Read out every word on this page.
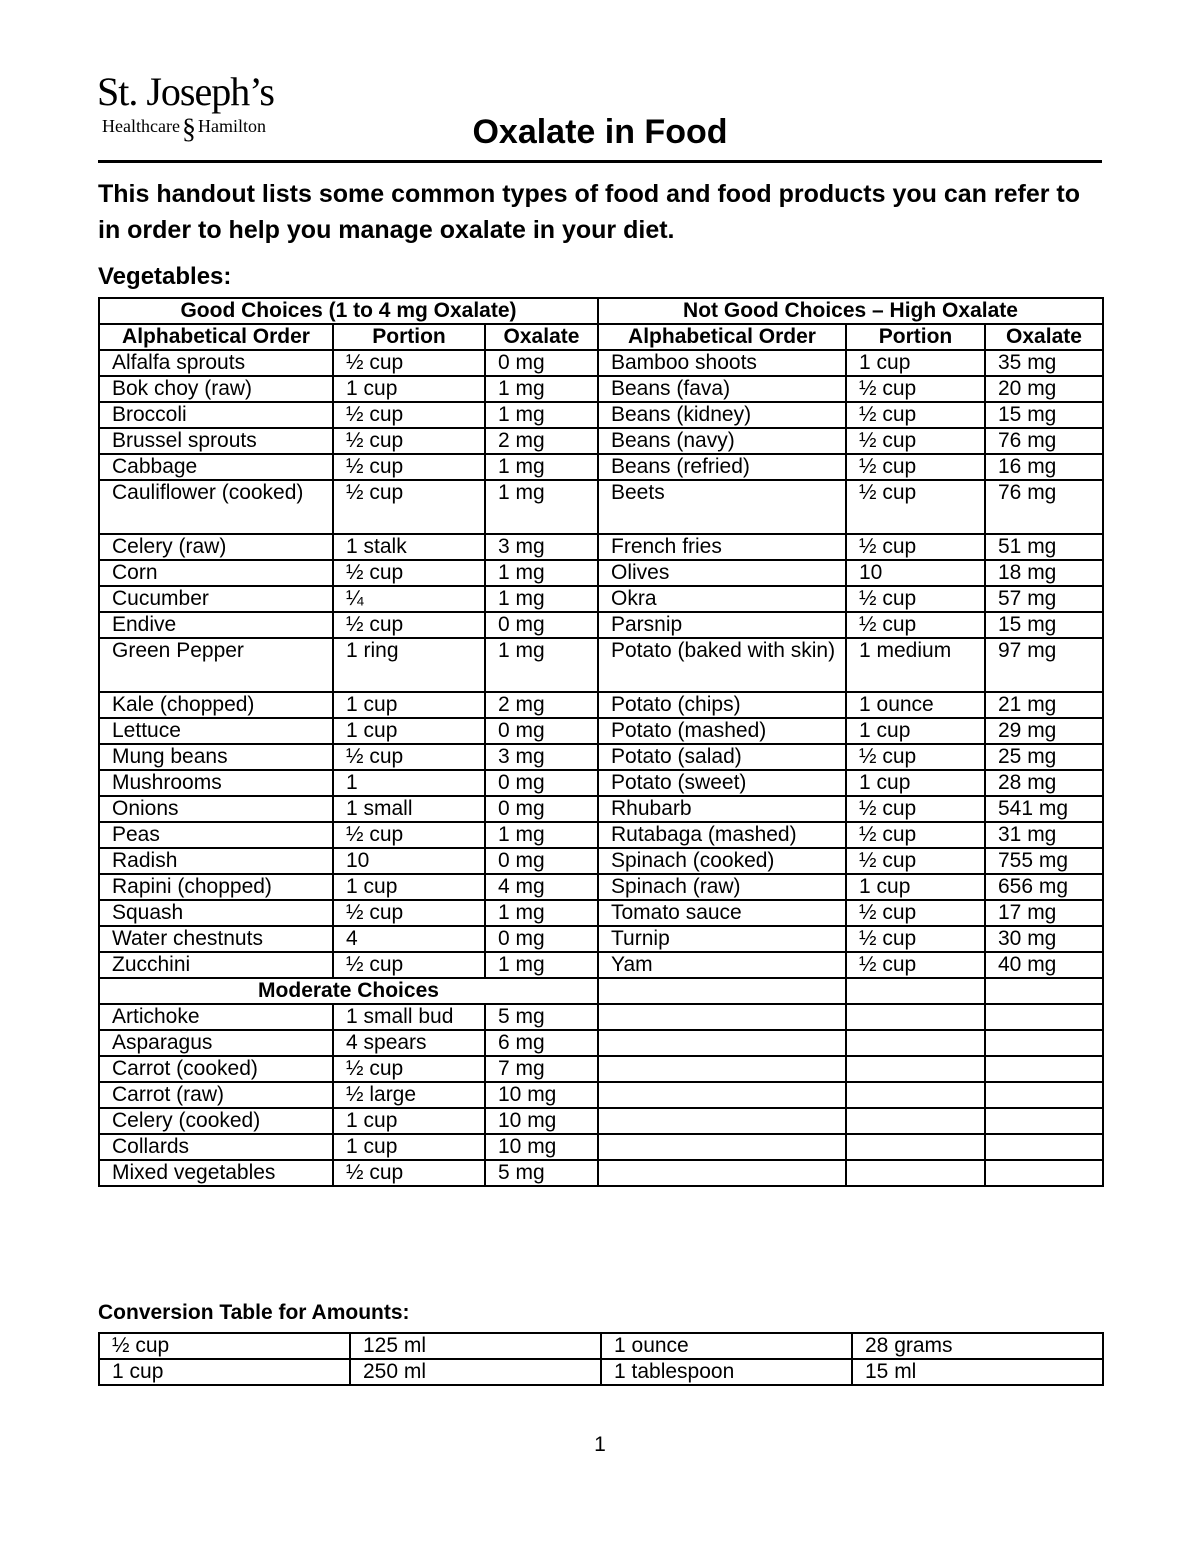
St. Joseph’s
Healthcare§ Hamilton	Oxalate in Food
This handout lists some common types of food and food products you can refer to in order to help you manage oxalate in your diet.
Vegetables:
Good Choices (1 to 4 mg Oxalate)			Not Good Choices – High Oxalate		
Alphabetical Order	Portion	Oxalate	Alphabetical Order	Portion	Oxalate
Alfalfa sprouts	½ cup	0 mg	Bamboo shoots	1 cup	35 mg
Bok choy (raw)	1 cup	1 mg	Beans (fava)	½ cup	20 mg
Broccoli	½ cup	1 mg	Beans (kidney)	½ cup	15 mg
Brussel sprouts	½ cup	2 mg	Beans (navy)	½ cup	76 mg
Cabbage	½ cup	1 mg	Beans (refried)	½ cup	16 mg
Cauliflower (cooked)	½ cup	1 mg	Beets	½ cup	76 mg
Celery (raw)	1 stalk	3 mg	French fries	½ cup	51 mg
Corn	½ cup	1 mg	Olives	10	18 mg
Cucumber	¼	1 mg	Okra	½ cup	57 mg
Endive	½ cup	0 mg	Parsnip	½ cup	15 mg
Green Pepper	1 ring	1 mg	Potato (baked with skin)	1 medium	97 mg
Kale (chopped)	1 cup	2 mg	Potato (chips)	1 ounce	21 mg
Lettuce	1 cup	0 mg	Potato (mashed)	1 cup	29 mg
Mung beans	½ cup	3 mg	Potato (salad)	½ cup	25 mg
Mushrooms	1	0 mg	Potato (sweet)	1 cup	28 mg
Onions	1 small	0 mg	Rhubarb	½ cup	541 mg
Peas	½ cup	1 mg	Rutabaga (mashed)	½ cup	31 mg
Radish	10	0 mg	Spinach (cooked)	½ cup	755 mg
Rapini (chopped)	1 cup	4 mg	Spinach (raw)	1 cup	656 mg
Squash	½ cup	1 mg	Tomato sauce	½ cup	17 mg
Water chestnuts	4	0 mg	Turnip	½ cup	30 mg
Zucchini	½ cup	1 mg	Yam	½ cup	40 mg
Moderate Choices					
Artichoke	1 small bud	5 mg			
Asparagus	4 spears	6 mg			
Carrot (cooked)	½ cup	7 mg			
Carrot (raw)	½ large	10 mg			
Celery (cooked)	1 cup	10 mg			
Collards	1 cup	10 mg			
Mixed vegetables	½ cup	5 mg			
Conversion Table for Amounts:
½ cup	125 ml	1 ounce	28 grams
1 cup	250 ml	1 tablespoon	15 ml
1
